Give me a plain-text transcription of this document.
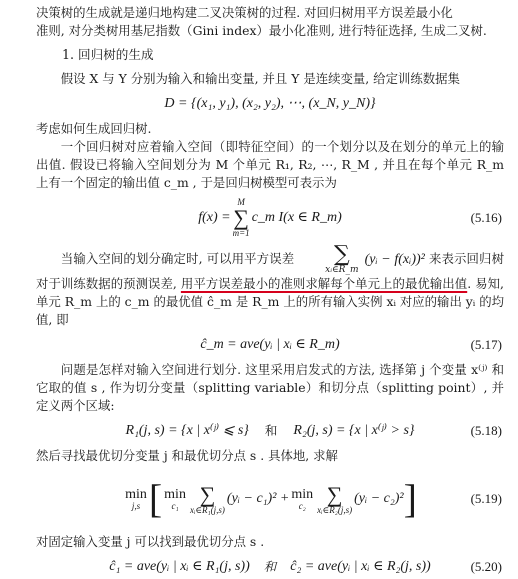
决策树的生成就是递归地构建二叉决策树的过程. 对回归树用平方误差最小化

准则, 对分类树用基尼指数（Gini index）最小化准则, 进行特征选择, 生成二叉树.

1. 回归树的生成

假设 X 与 Y 分别为输入和输出变量, 并且 Y 是连续变量, 给定训练数据集

D = {(x₁, y₁), (x₂, y₂), ⋯, (x_N, y_N)}

考虑如何生成回归树.

一个回归树对应着输入空间（即特征空间）的一个划分以及在划分的单元上的输出值. 假设已将输入空间划分为 M 个单元 R₁, R₂, ⋯, R_M , 并且在每个单元 R_m 上有一个固定的输出值 c_m , 于是回归树模型可表示为

f(x) =
M
∑
m=1
c_m I(x ∈ R_m)	(5.16)

当输入空间的划分确定时, 可以用平方误差	∑
xᵢ∈R_m
(yᵢ − f(xᵢ))² 来表示回归树对于训练数据的预测误差, 用平方误差最小的准则求解每个单元上的最优输出值. 易知, 单元 R_m 上的 c_m 的最优值 ĉ_m 是 R_m 上的所有输入实例 xᵢ 对应的输出 yᵢ 的均值, 即

ĉ_m = ave(yᵢ | xᵢ ∈ R_m)	(5.17)

问题是怎样对输入空间进行划分. 这里采用启发式的方法, 选择第 j 个变量 x⁽ʲ⁾ 和它取的值 s , 作为切分变量（splitting variable）和切分点（splitting point）, 并定义两个区域:

R₁(j, s) = {x | x⁽ʲ⁾ ⩽ s} 和 R₂(j, s) = {x | x⁽ʲ⁾ > s}	(5.18)

然后寻找最优切分变量 j 和最优切分点 s . 具体地, 求解

min
j,s [ min
c₁ ∑
xᵢ∈R₁(j,s)
(yᵢ − c₁)² + min
c₂ ∑
xᵢ∈R₂(j,s)
(yᵢ − c₂)² ]	(5.19)

对固定输入变量 j 可以找到最优切分点 s .

ĉ₁ = ave(yᵢ | xᵢ ∈ R₁(j, s)) 和 ĉ₂ = ave(yᵢ | xᵢ ∈ R₂(j, s))	(5.20)
